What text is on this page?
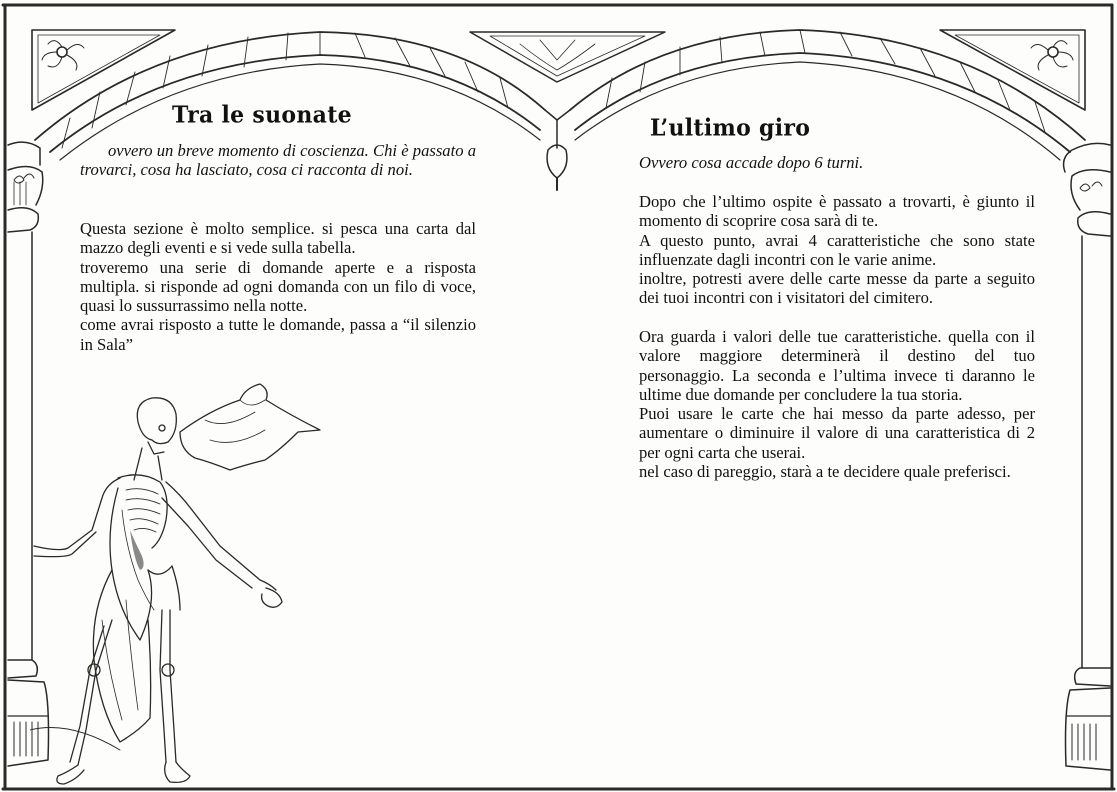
Tra le suonate
ovvero un breve momento di coscienza. Chi è passato a trovarci, cosa ha lasciato, cosa ci racconta di noi.

Questa sezione è molto semplice. si pesca una carta dal mazzo degli eventi e si vede sulla tabella.

troveremo una serie di domande aperte e a risposta multipla. si risponde ad ogni domanda con un filo di voce, quasi lo sussurrassimo nella notte.

come avrai risposto a tutte le domande, passa a “il silenzio in Sala”

L’ultimo giro
Ovvero cosa accade dopo 6 turni.

Dopo che l’ultimo ospite è passato a trovarti, è giunto il momento di scoprire cosa sarà di te.

A questo punto, avrai 4 caratteristiche che sono state influenzate dagli incontri con le varie anime.

inoltre, potresti avere delle carte messe da parte a seguito dei tuoi incontri con i visitatori del cimitero.

Ora guarda i valori delle tue caratteristiche. quella con il valore maggiore determinerà il destino del tuo personaggio. La seconda e l’ultima invece ti daranno le ultime due domande per concludere la tua storia.

Puoi usare le carte che hai messo da parte adesso, per aumentare o diminuire il valore di una caratteristica di 2 per ogni carta che userai.

nel caso di pareggio, starà a te decidere quale preferisci.
